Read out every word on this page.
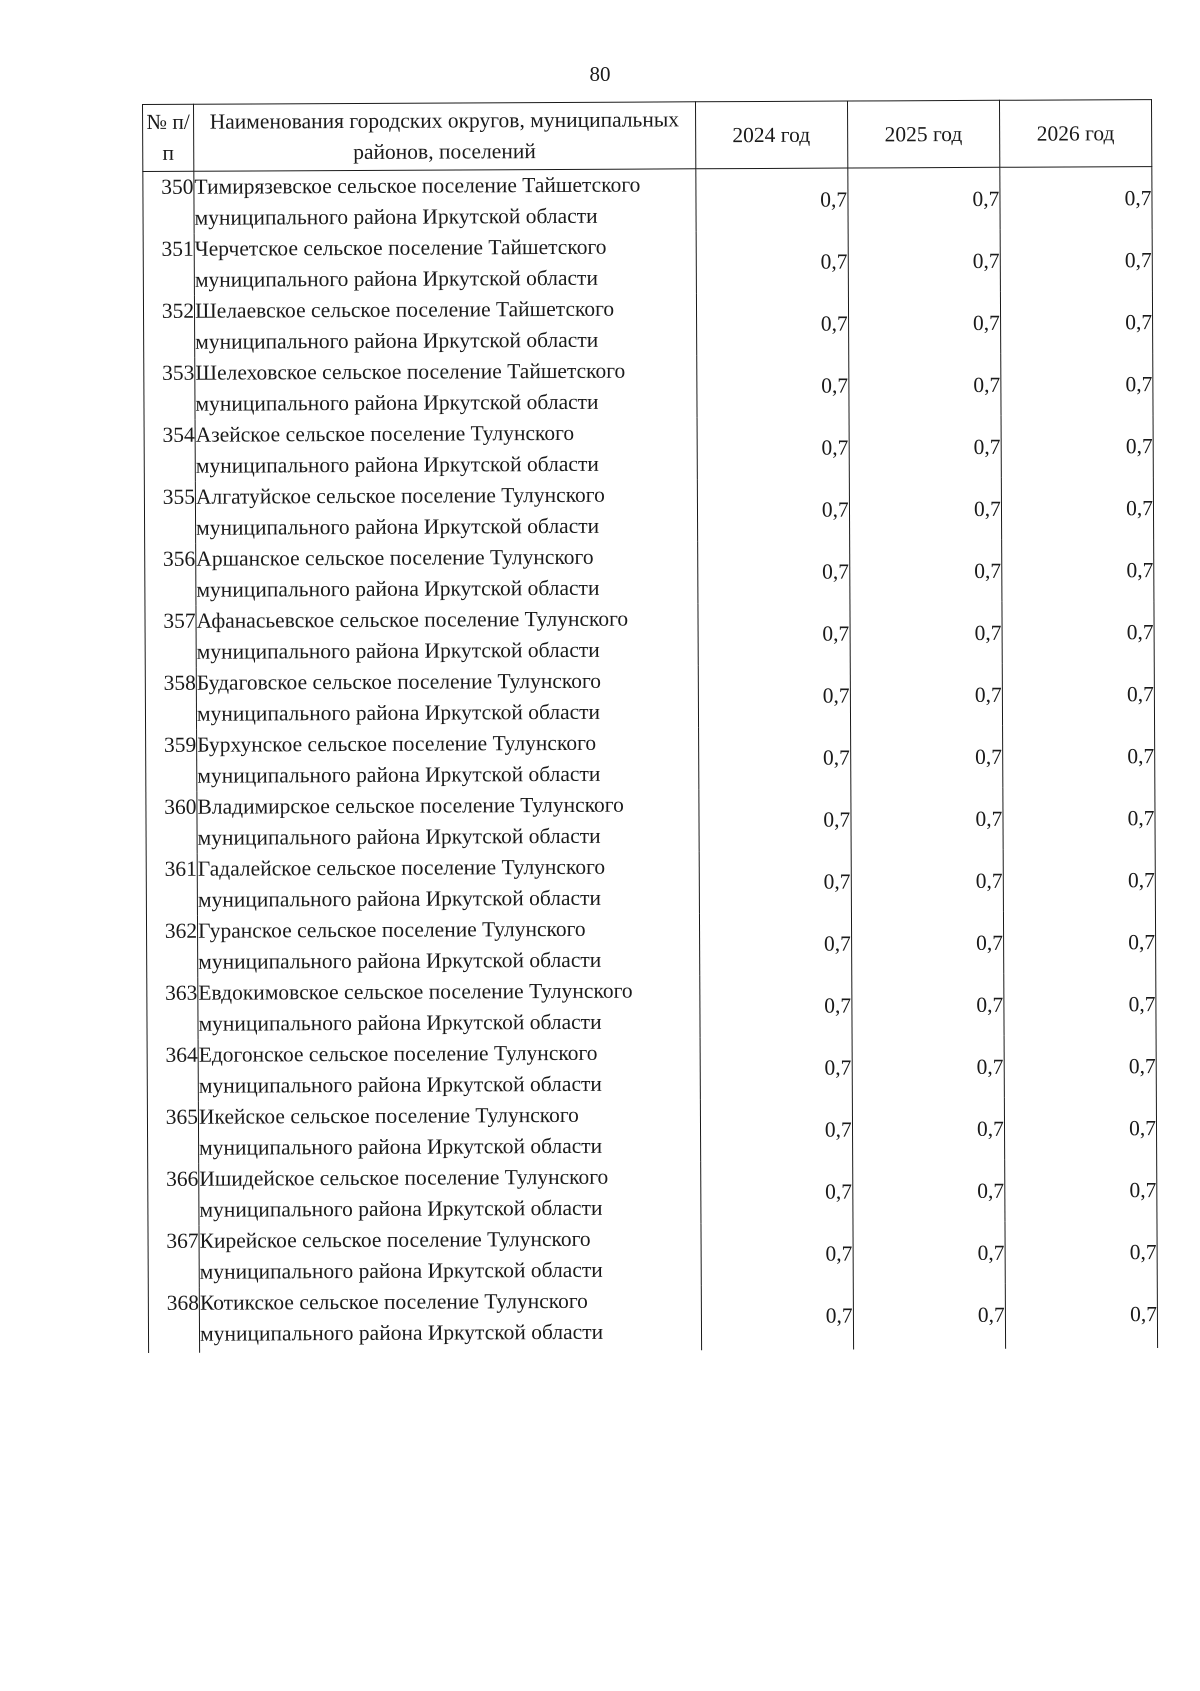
80
№ п/п	Наименования городских округов, муниципальных районов, поселений	2024 год	2025 год	2026 год
350	Тимирязевское сельское поселение Тайшетского муниципального района Иркутской области	0,7	0,7	0,7
351	Черчетское сельское поселение Тайшетского муниципального района Иркутской области	0,7	0,7	0,7
352	Шелаевское сельское поселение Тайшетского муниципального района Иркутской области	0,7	0,7	0,7
353	Шелеховское сельское поселение Тайшетского муниципального района Иркутской области	0,7	0,7	0,7
354	Азейское сельское поселение Тулунского муниципального района Иркутской области	0,7	0,7	0,7
355	Алгатуйское сельское поселение Тулунского муниципального района Иркутской области	0,7	0,7	0,7
356	Аршанское сельское поселение Тулунского муниципального района Иркутской области	0,7	0,7	0,7
357	Афанасьевское сельское поселение Тулунского муниципального района Иркутской области	0,7	0,7	0,7
358	Будаговское сельское поселение Тулунского муниципального района Иркутской области	0,7	0,7	0,7
359	Бурхунское сельское поселение Тулунского муниципального района Иркутской области	0,7	0,7	0,7
360	Владимирское сельское поселение Тулунского муниципального района Иркутской области	0,7	0,7	0,7
361	Гадалейское сельское поселение Тулунского муниципального района Иркутской области	0,7	0,7	0,7
362	Гуранское сельское поселение Тулунского муниципального района Иркутской области	0,7	0,7	0,7
363	Евдокимовское сельское поселение Тулунского муниципального района Иркутской области	0,7	0,7	0,7
364	Едогонское сельское поселение Тулунского муниципального района Иркутской области	0,7	0,7	0,7
365	Икейское сельское поселение Тулунского муниципального района Иркутской области	0,7	0,7	0,7
366	Ишидейское сельское поселение Тулунского муниципального района Иркутской области	0,7	0,7	0,7
367	Кирейское сельское поселение Тулунского муниципального района Иркутской области	0,7	0,7	0,7
368	Котикское сельское поселение Тулунского муниципального района Иркутской области	0,7	0,7	0,7
